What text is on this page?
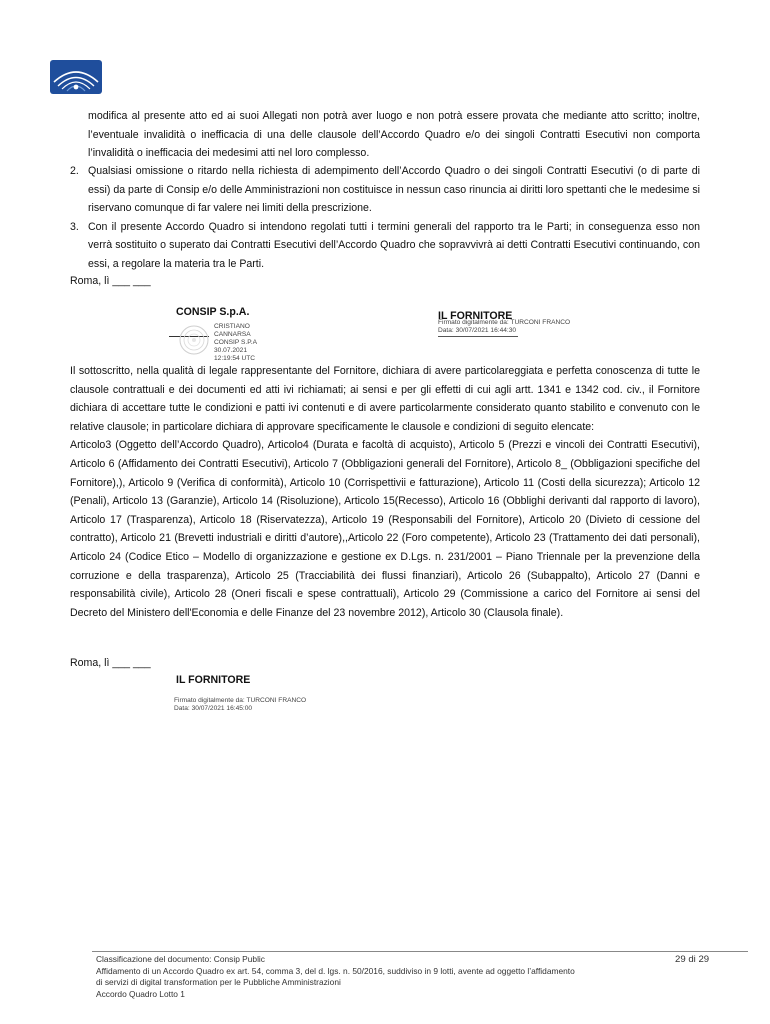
modifica al presente atto ed ai suoi Allegati non potrà aver luogo e non potrà essere provata che mediante atto scritto; inoltre, l’eventuale invalidità o inefficacia di una delle clausole dell’Accordo Quadro e/o dei singoli Contratti Esecutivi non comporta l’invalidità o inefficacia dei medesimi atti nel loro complesso.

2. Qualsiasi omissione o ritardo nella richiesta di adempimento dell’Accordo Quadro o dei singoli Contratti Esecutivi (o di parte di essi) da parte di Consip e/o delle Amministrazioni non costituisce in nessun caso rinuncia ai diritti loro spettanti che le medesime si riservano comunque di far valere nei limiti della prescrizione.
3. Con il presente Accordo Quadro si intendono regolati tutti i termini generali del rapporto tra le Parti; in conseguenza esso non verrà sostituito o superato dai Contratti Esecutivi dell’Accordo Quadro che sopravvivrà ai detti Contratti Esecutivi continuando, con essi, a regolare la materia tra le Parti.
Roma, lì ___ ___
CONSIP S.p.A.
CRISTIANO
CANNARSA
CONSIP S.P.A
30.07.2021
12:19:54 UTC
IL FORNITORE
Firmato digitalmente da: TURCONI FRANCO
Data: 30/07/2021 16:44:30

Il sottoscritto, nella qualità di legale rappresentante del Fornitore, dichiara di avere particolareggiata e perfetta conoscenza di tutte le clausole contrattuali e dei documenti ed atti ivi richiamati; ai sensi e per gli effetti di cui agli artt. 1341 e 1342 cod. civ., il Fornitore dichiara di accettare tutte le condizioni e patti ivi contenuti e di avere particolarmente considerato quanto stabilito e convenuto con le relative clausole; in particolare dichiara di approvare specificamente le clausole e condizioni di seguito elencate:

Articolo3 (Oggetto dell’Accordo Quadro), Articolo4 (Durata e facoltà di acquisto), Articolo 5 (Prezzi e vincoli dei Contratti Esecutivi), Articolo 6 (Affidamento dei Contratti Esecutivi), Articolo 7 (Obbligazioni generali del Fornitore), Articolo 8_ (Obbligazioni specifiche del Fornitore),), Articolo 9 (Verifica di conformità), Articolo 10 (Corrispettivii e fatturazione), Articolo 11 (Costi della sicurezza); Articolo 12 (Penali), Articolo 13 (Garanzie), Articolo 14 (Risoluzione), Articolo 15(Recesso), Articolo 16 (Obblighi derivanti dal rapporto di lavoro), Articolo 17 (Trasparenza), Articolo 18 (Riservatezza), Articolo 19 (Responsabili del Fornitore), Articolo 20 (Divieto di cessione del contratto), Articolo 21 (Brevetti industriali e diritti d’autore),,Articolo 22 (Foro competente), Articolo 23 (Trattamento dei dati personali), Articolo 24 (Codice Etico – Modello di organizzazione e gestione ex D.Lgs. n. 231/2001 – Piano Triennale per la prevenzione della corruzione e della trasparenza), Articolo 25 (Tracciabilità dei flussi finanziari), Articolo 26 (Subappalto), Articolo 27 (Danni e responsabilità civile), Articolo 28 (Oneri fiscali e spese contrattuali), Articolo 29 (Commissione a carico del Fornitore ai sensi del Decreto del Ministero dell'Economia e delle Finanze del 23 novembre 2012), Articolo 30 (Clausola finale).

Roma, lì ___ ___
IL FORNITORE
Firmato digitalmente da: TURCONI FRANCO
Data: 30/07/2021 16:45:00
Classificazione del documento: Consip Public
Affidamento di un Accordo Quadro ex art. 54, comma 3, del d. lgs. n. 50/2016, suddiviso in 9 lotti, avente ad oggetto l’affidamento
di servizi di digital transformation per le Pubbliche Amministrazioni
Accordo Quadro Lotto 1
29 di 29
